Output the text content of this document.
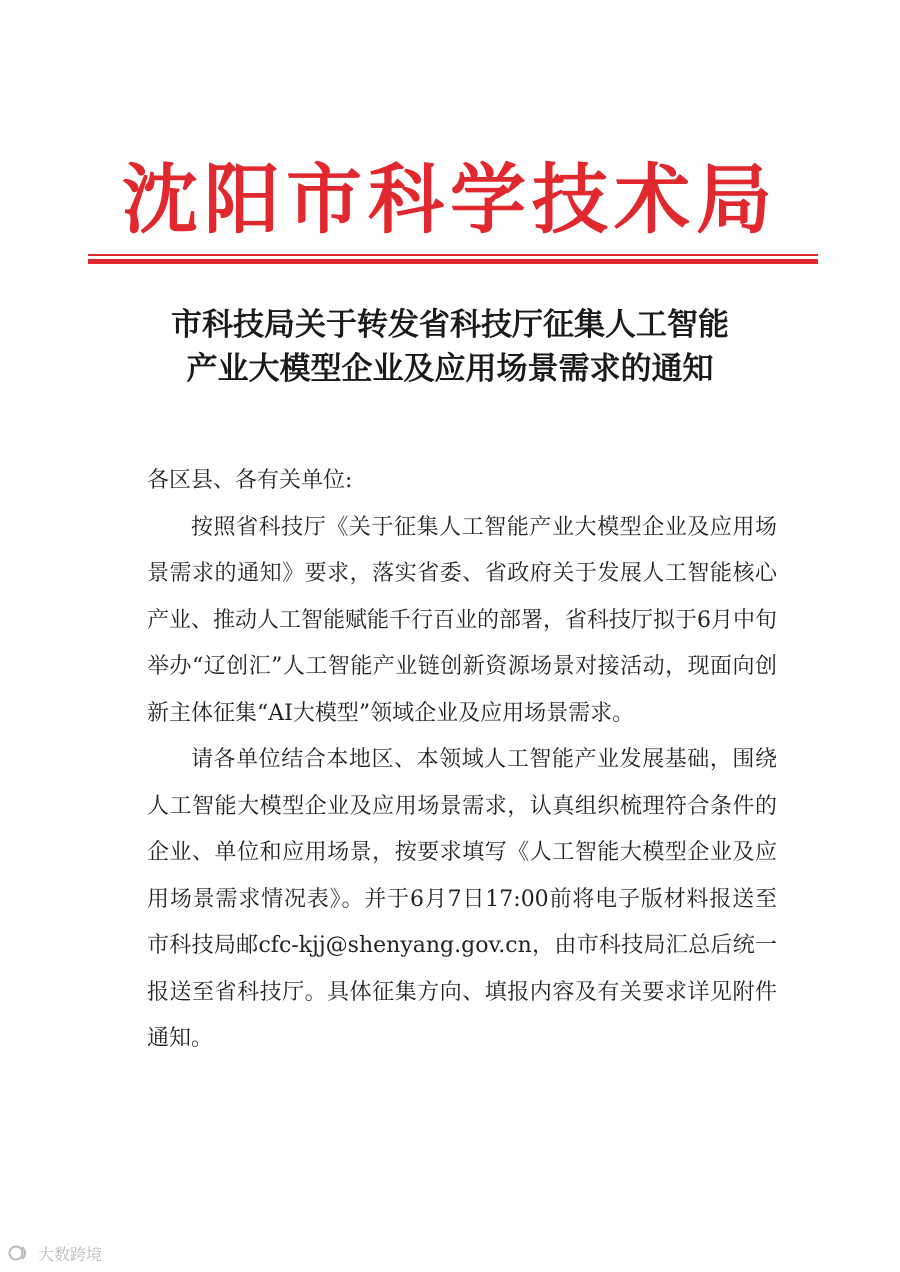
沈阳市科学技术局
市科技局关于转发省科技厅征集人工智能
产业大模型企业及应用场景需求的通知

各区县、各有关单位:

按照省科技厅《关于征集人工智能产业大模型企业及应用场景需求的通知》要求，落实省委、省政府关于发展人工智能核心产业、推动人工智能赋能千行百业的部署，省科技厅拟于6月中旬举办“辽创汇”人工智能产业链创新资源场景对接活动，现面向创新主体征集“AI大模型”领域企业及应用场景需求。

请各单位结合本地区、本领域人工智能产业发展基础，围绕人工智能大模型企业及应用场景需求，认真组织梳理符合条件的企业、单位和应用场景，按要求填写《人工智能大模型企业及应用场景需求情况表》。并于6月7日17:00前将电子版材料报送至市科技局邮cfc-kjj@shenyang.gov.cn，由市科技局汇总后统一报送至省科技厅。具体征集方向、填报内容及有关要求详见附件通知。

大数跨境
